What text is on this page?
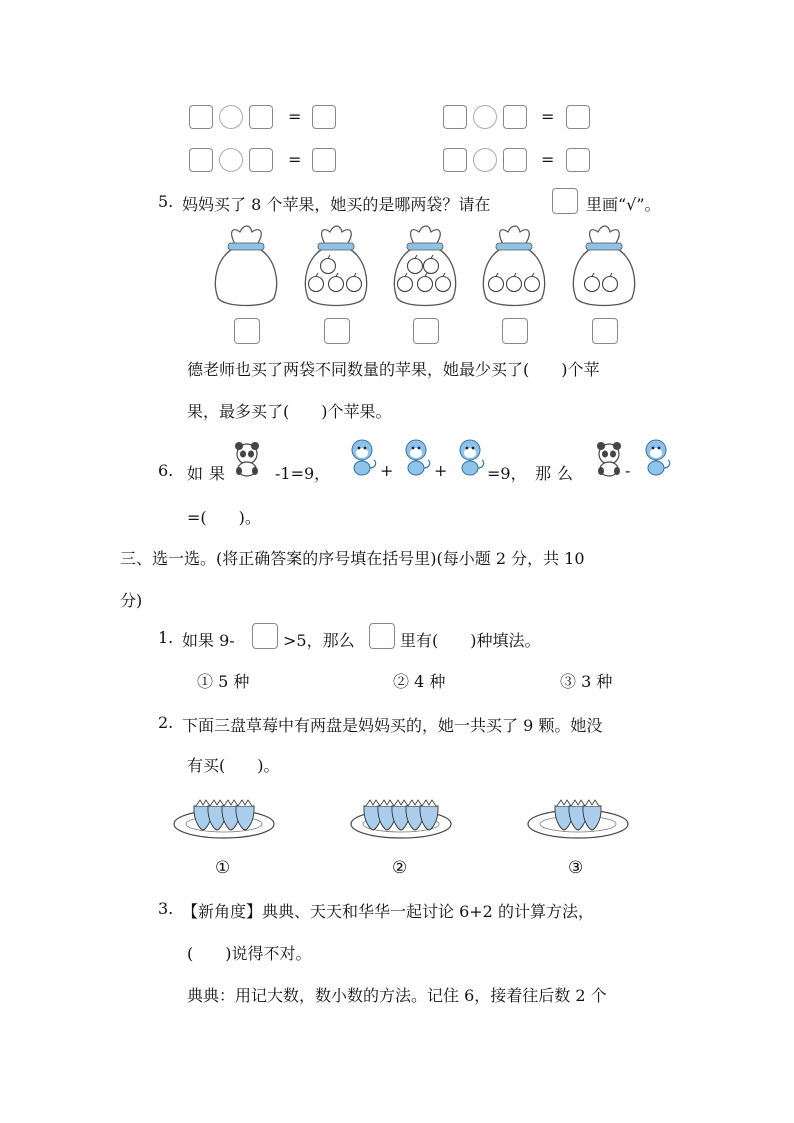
=	=
=	=
5. 妈妈买了 8 个苹果，她买的是哪两袋？请在	里画“√”。
德老师也买了两袋不同数量的苹果，她最少买了(　　)个苹
果，最多买了(　　)个苹果。
6. 如果	-1=9，	+	+ =9， 那么	-
=(　　)。
三、选一选。(将正确答案的序号填在括号里)(每小题 2 分，共 10
分)
1. 如果 9-	>5，那么	里有(　　)种填法。
① 5 种	② 4 种	③ 3 种
2. 下面三盘草莓中有两盘是妈妈买的，她一共买了 9 颗。她没
有买(　　)。
①	②	③
3. 【新角度】典典、天天和华华一起讨论 6+2 的计算方法，
(　　)说得不对。
典典：用记大数，数小数的方法。记住 6，接着往后数 2 个
